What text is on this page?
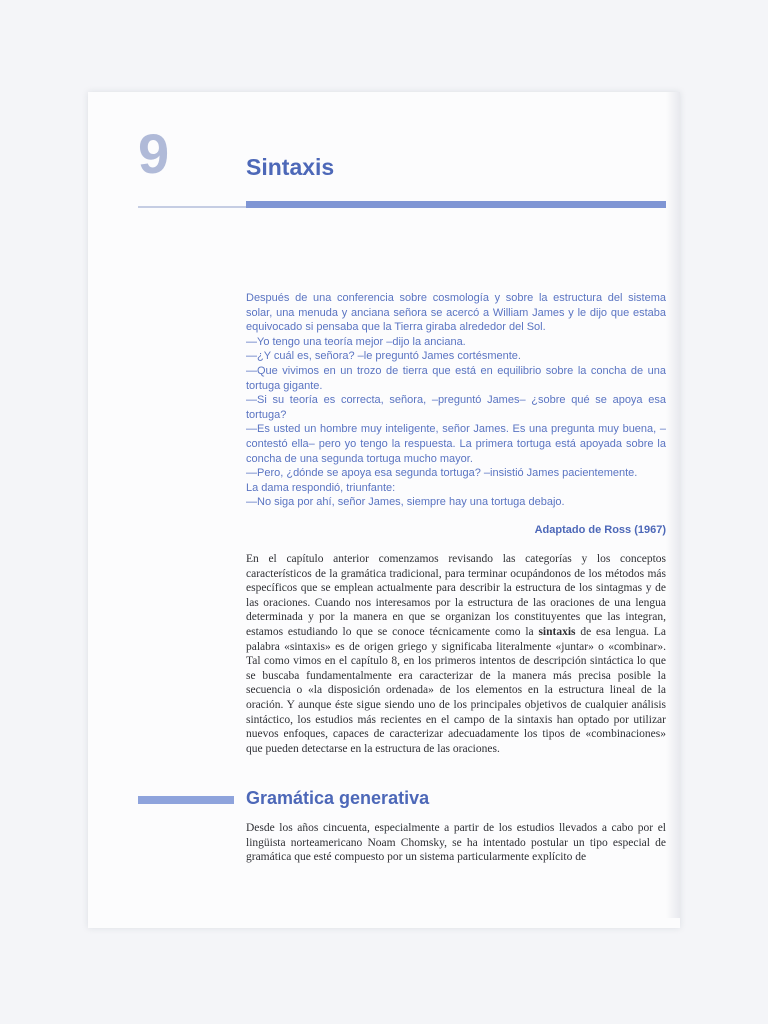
9	Sintaxis

Después de una conferencia sobre cosmología y sobre la estructura del sistema solar, una menuda y anciana señora se acercó a William James y le dijo que estaba equivocado si pensaba que la Tierra giraba alrededor del Sol.

—Yo tengo una teoría mejor –dijo la anciana.

—¿Y cuál es, señora? –le preguntó James cortésmente.

—Que vivimos en un trozo de tierra que está en equilibrio sobre la concha de una tortuga gigante.

—Si su teoría es correcta, señora, –preguntó James– ¿sobre qué se apoya esa tortuga?

—Es usted un hombre muy inteligente, señor James. Es una pregunta muy buena, –contestó ella– pero yo tengo la respuesta. La primera tortuga está apoyada sobre la concha de una segunda tortuga mucho mayor.

—Pero, ¿dónde se apoya esa segunda tortuga? –insistió James pacientemente.

La dama respondió, triunfante:

—No siga por ahí, señor James, siempre hay una tortuga debajo.

Adaptado de Ross (1967)

En el capítulo anterior comenzamos revisando las categorías y los conceptos característicos de la gramática tradicional, para terminar ocupándonos de los métodos más específicos que se emplean actualmente para describir la estructura de los sintagmas y de las oraciones. Cuando nos interesamos por la estructura de las oraciones de una lengua determinada y por la manera en que se organizan los constituyentes que las integran, estamos estudiando lo que se conoce técnicamente como la sintaxis de esa lengua. La palabra «sintaxis» es de origen griego y significaba literalmente «juntar» o «combinar». Tal como vimos en el capítulo 8, en los primeros intentos de descripción sintáctica lo que se buscaba fundamentalmente era caracterizar de la manera más precisa posible la secuencia o «la disposición ordenada» de los elementos en la estructura lineal de la oración. Y aunque éste sigue siendo uno de los principales objetivos de cualquier análisis sintáctico, los estudios más recientes en el campo de la sintaxis han optado por utilizar nuevos enfoques, capaces de caracterizar adecuadamente los tipos de «combinaciones» que pueden detectarse en la estructura de las oraciones.

Gramática generativa

Desde los años cincuenta, especialmente a partir de los estudios llevados a cabo por el lingüista norteamericano Noam Chomsky, se ha intentado postular un tipo especial de gramática que esté compuesto por un sistema particularmente explícito de
